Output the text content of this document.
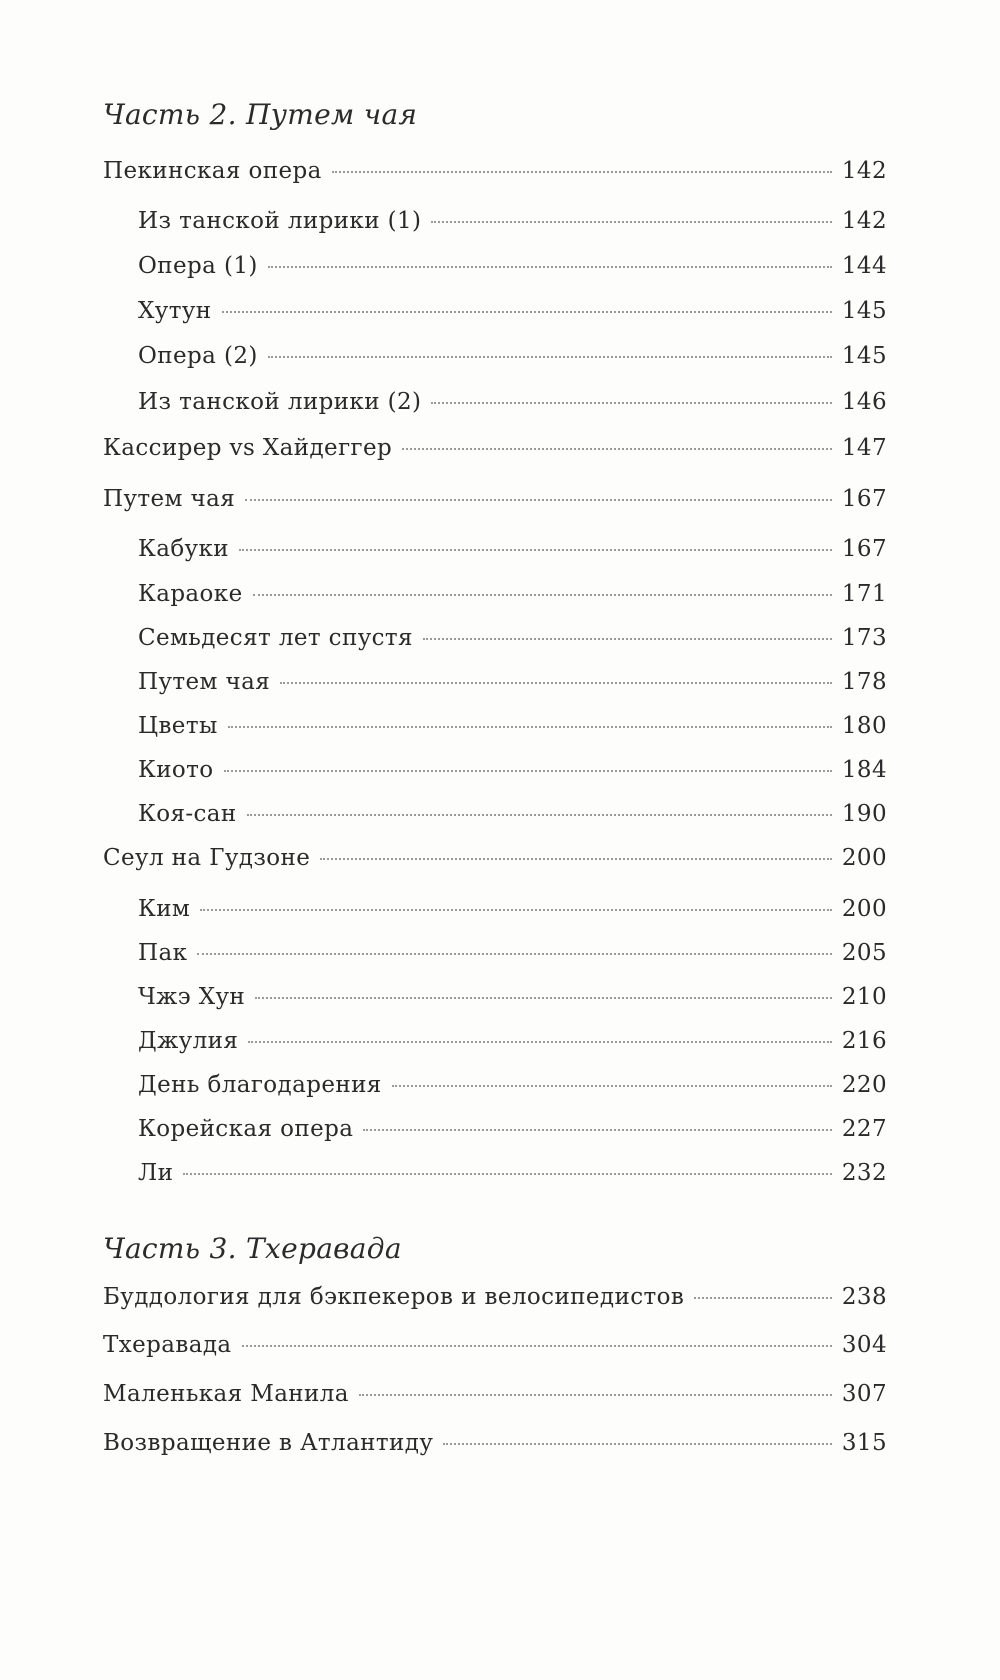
Часть 2. Путем чая
Пекинская опера	142
Из танской лирики (1)	142
Опера (1)	144
Хутун	145
Опера (2)	145
Из танской лирики (2)	146
Кассирер vs Хайдеггер	147
Путем чая	167
Кабуки	167
Караоке	171
Семьдесят лет спустя	173
Путем чая	178
Цветы	180
Киото	184
Коя-сан	190
Сеул на Гудзоне	200
Ким	200
Пак	205
Чжэ Хун	210
Джулия	216
День благодарения	220
Корейская опера	227
Ли	232
Часть 3. Тхеравада
Буддология для бэкпекеров и велосипедистов	238
Тхеравада	304
Маленькая Манила	307
Возвращение в Атлантиду	315
